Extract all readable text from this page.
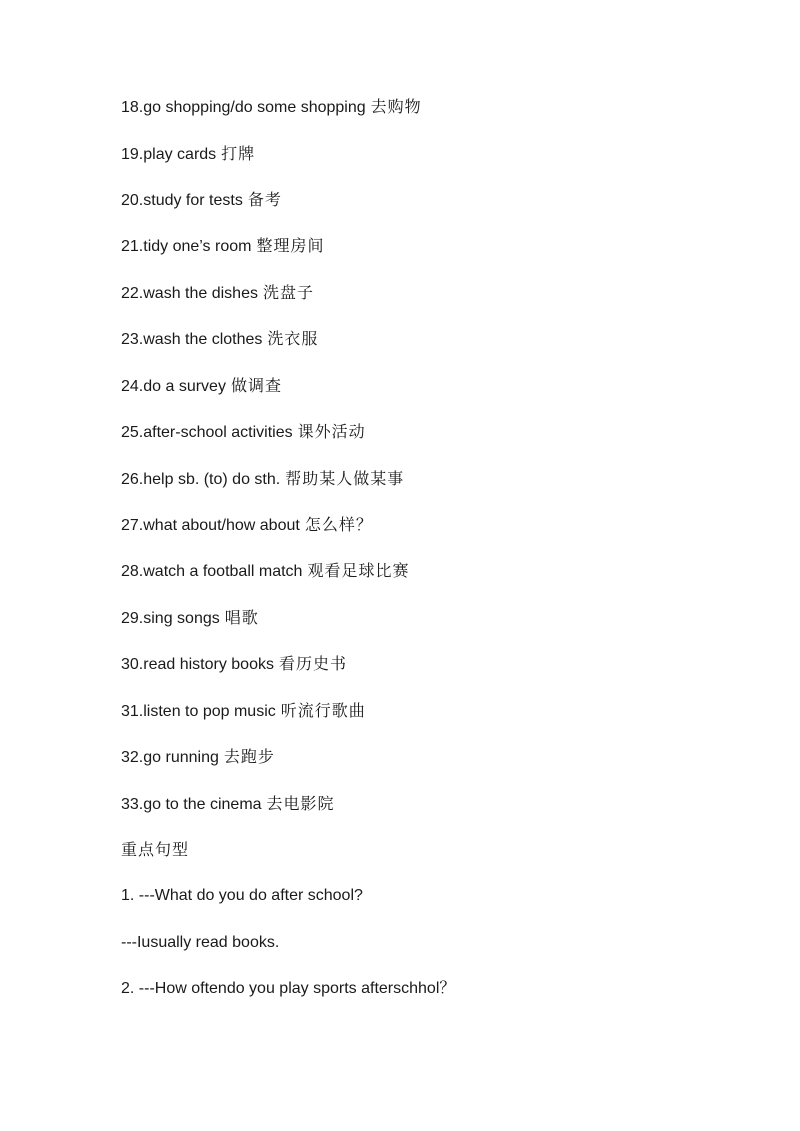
18.go shopping/do some shopping 去购物

19.play cards 打牌

20.study for tests 备考

21.tidy one’s room 整理房间

22.wash the dishes 洗盘子

23.wash the clothes 洗衣服

24.do a survey 做调查

25.after-school activities 课外活动

26.help sb. (to) do sth. 帮助某人做某事

27.what about/how about 怎么样？

28.watch a football match 观看足球比赛

29.sing songs 唱歌

30.read history books 看历史书

31.listen to pop music 听流行歌曲

32.go running 去跑步

33.go to the cinema 去电影院

重点句型

1. ---What do you do after school?

---Iusually read books.

2. ---How oftendo you play sports afterschhol？
